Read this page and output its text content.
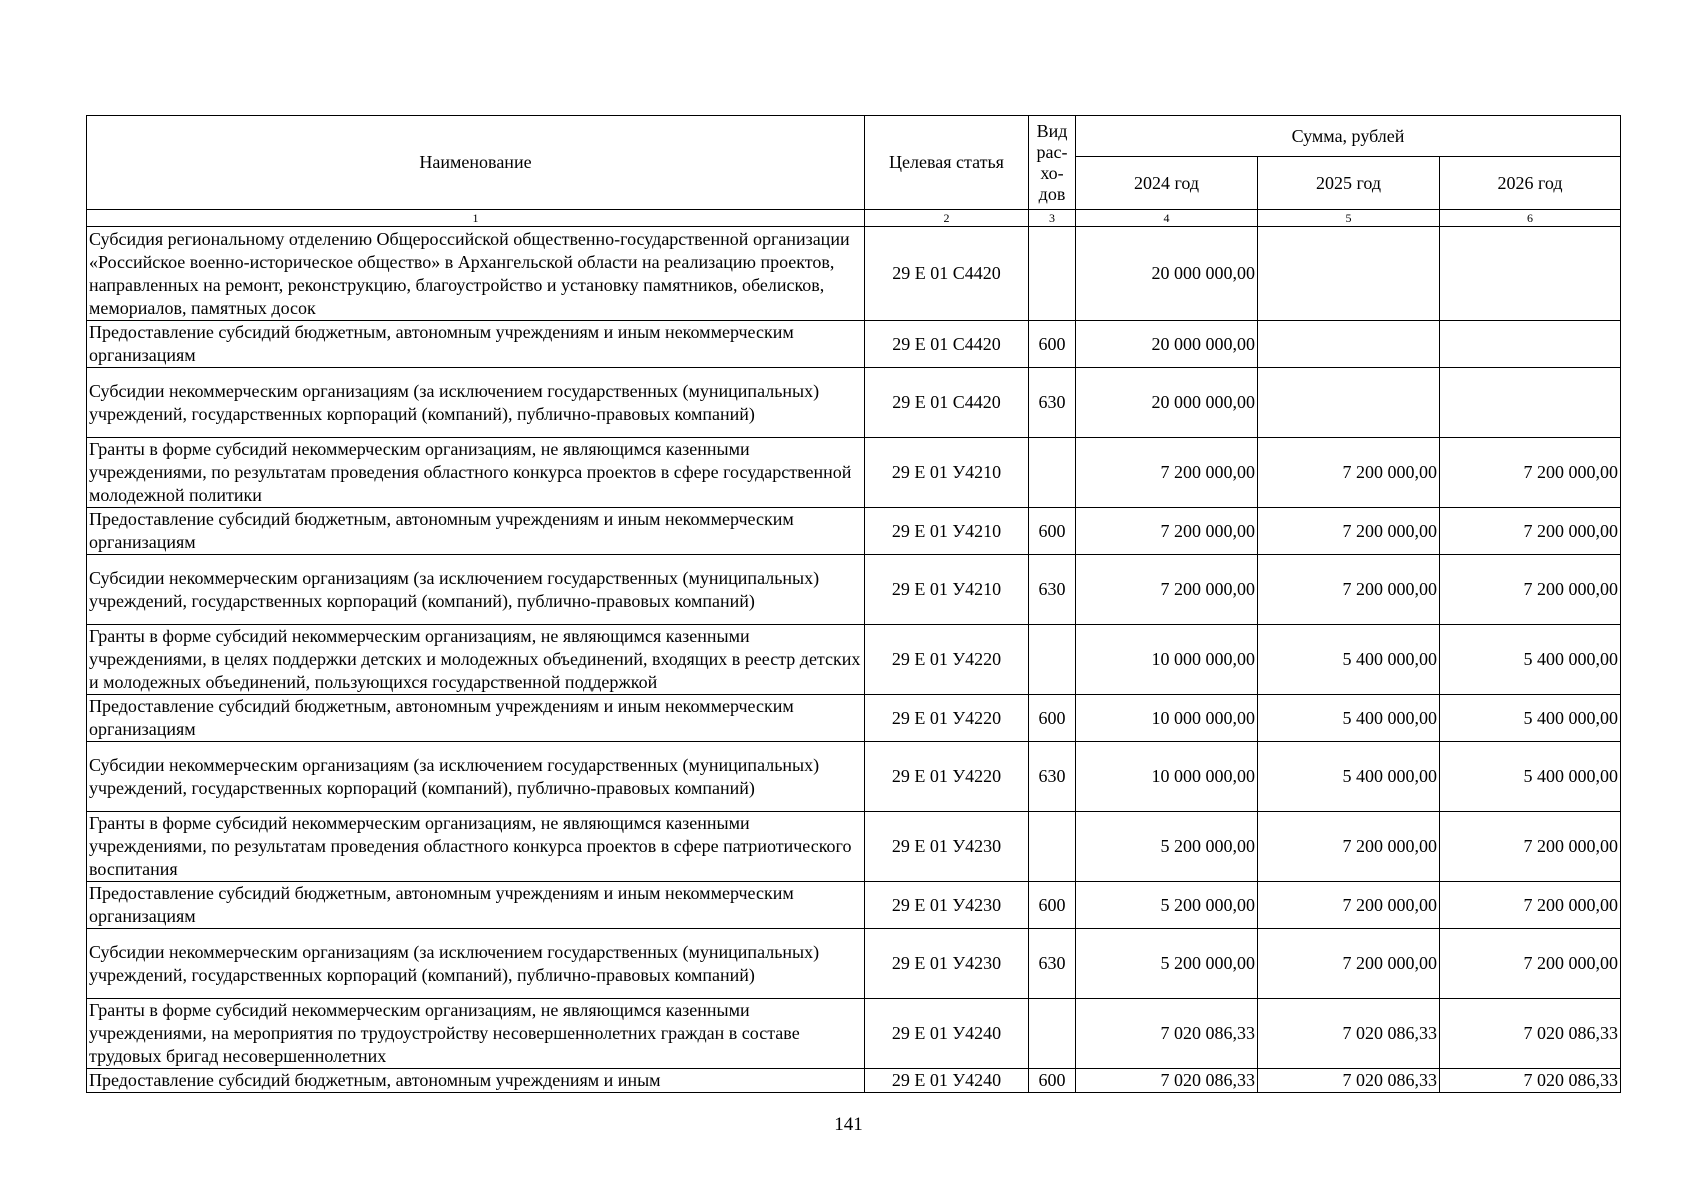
Наименование	Целевая статья	Вид рас-хо-дов	Сумма, рублей		
			2024 год	2025 год	2026 год
1	2	3	4	5	6
Субсидия региональному отделению Общероссийской общественно-государственной организации «Российское военно-историческое общество» в Архангельской области на реализацию проектов, направленных на ремонт, реконструкцию, благоустройство и установку памятников, обелисков, мемориалов, памятных досок	29 Е 01 С4420		20 000 000,00		
Предоставление субсидий бюджетным, автономным учреждениям и иным некоммерческим организациям	29 Е 01 С4420	600	20 000 000,00		
Субсидии некоммерческим организациям (за исключением государственных (муниципальных) учреждений, государственных корпораций (компаний), публично-правовых компаний)	29 Е 01 С4420	630	20 000 000,00		
Гранты в форме субсидий некоммерческим организациям, не являющимся казенными учреждениями, по результатам проведения областного конкурса проектов в сфере государственной молодежной политики	29 Е 01 У4210		7 200 000,00	7 200 000,00	7 200 000,00
Предоставление субсидий бюджетным, автономным учреждениям и иным некоммерческим организациям	29 Е 01 У4210	600	7 200 000,00	7 200 000,00	7 200 000,00
Субсидии некоммерческим организациям (за исключением государственных (муниципальных) учреждений, государственных корпораций (компаний), публично-правовых компаний)	29 Е 01 У4210	630	7 200 000,00	7 200 000,00	7 200 000,00
Гранты в форме субсидий некоммерческим организациям, не являющимся казенными учреждениями, в целях поддержки детских и молодежных объединений, входящих в реестр детских и молодежных объединений, пользующихся государственной поддержкой	29 Е 01 У4220		10 000 000,00	5 400 000,00	5 400 000,00
Предоставление субсидий бюджетным, автономным учреждениям и иным некоммерческим организациям	29 Е 01 У4220	600	10 000 000,00	5 400 000,00	5 400 000,00
Субсидии некоммерческим организациям (за исключением государственных (муниципальных) учреждений, государственных корпораций (компаний), публично-правовых компаний)	29 Е 01 У4220	630	10 000 000,00	5 400 000,00	5 400 000,00
Гранты в форме субсидий некоммерческим организациям, не являющимся казенными учреждениями, по результатам проведения областного конкурса проектов в сфере патриотического воспитания	29 Е 01 У4230		5 200 000,00	7 200 000,00	7 200 000,00
Предоставление субсидий бюджетным, автономным учреждениям и иным некоммерческим организациям	29 Е 01 У4230	600	5 200 000,00	7 200 000,00	7 200 000,00
Субсидии некоммерческим организациям (за исключением государственных (муниципальных) учреждений, государственных корпораций (компаний), публично-правовых компаний)	29 Е 01 У4230	630	5 200 000,00	7 200 000,00	7 200 000,00
Гранты в форме субсидий некоммерческим организациям, не являющимся казенными учреждениями, на мероприятия по трудоустройству несовершеннолетних граждан в составе трудовых бригад несовершеннолетних	29 Е 01 У4240		7 020 086,33	7 020 086,33	7 020 086,33
Предоставление субсидий бюджетным, автономным учреждениям и иным	29 Е 01 У4240	600	7 020 086,33	7 020 086,33	7 020 086,33
141
